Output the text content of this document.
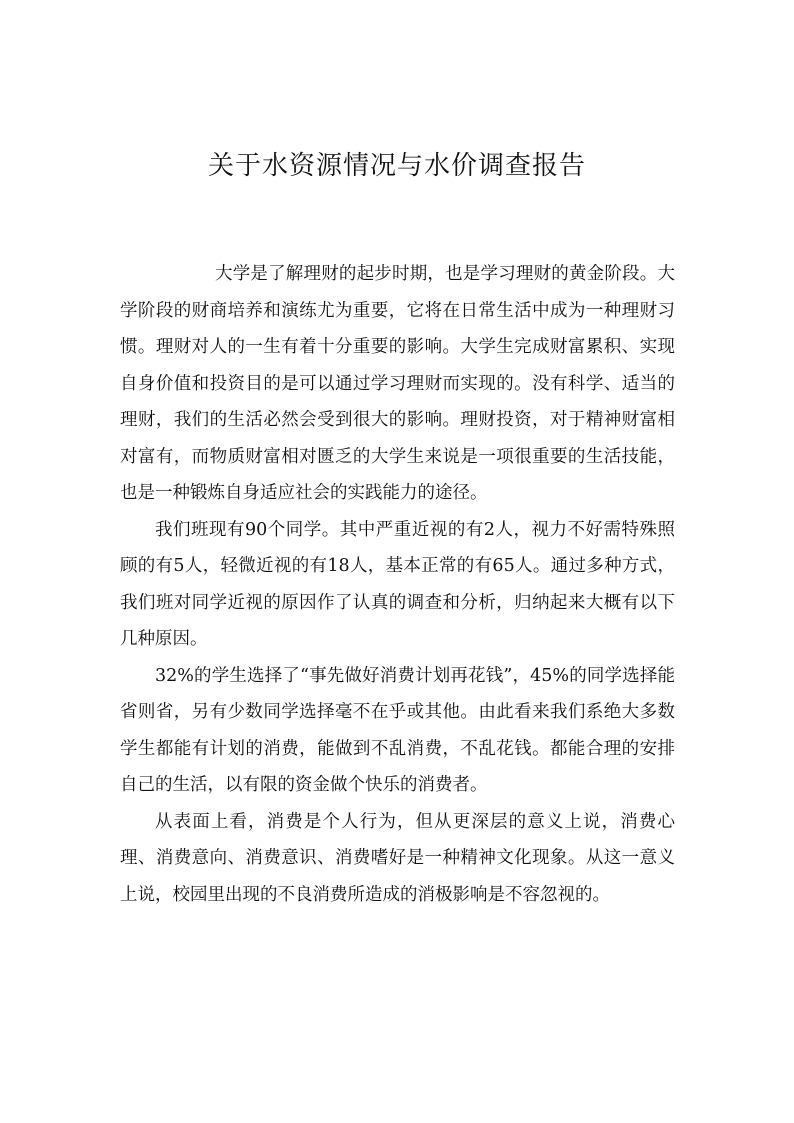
关于水资源情况与水价调查报告

大学是了解理财的起步时期，也是学习理财的黄金阶段。大学阶段的财商培养和演练尤为重要，它将在日常生活中成为一种理财习惯。理财对人的一生有着十分重要的影响。大学生完成财富累积、实现自身价值和投资目的是可以通过学习理财而实现的。没有科学、适当的理财，我们的生活必然会受到很大的影响。理财投资，对于精神财富相对富有，而物质财富相对匮乏的大学生来说是一项很重要的生活技能，也是一种锻炼自身适应社会的实践能力的途径。

我们班现有90个同学。其中严重近视的有2人，视力不好需特殊照顾的有5人，轻微近视的有18人，基本正常的有65人。通过多种方式，我们班对同学近视的原因作了认真的调查和分析，归纳起来大概有以下几种原因。

32%的学生选择了“事先做好消费计划再花钱”，45%的同学选择能省则省，另有少数同学选择毫不在乎或其他。由此看来我们系绝大多数学生都能有计划的消费，能做到不乱消费，不乱花钱。都能合理的安排自己的生活，以有限的资金做个快乐的消费者。

从表面上看，消费是个人行为，但从更深层的意义上说，消费心理、消费意向、消费意识、消费嗜好是一种精神文化现象。从这一意义上说，校园里出现的不良消费所造成的消极影响是不容忽视的。
